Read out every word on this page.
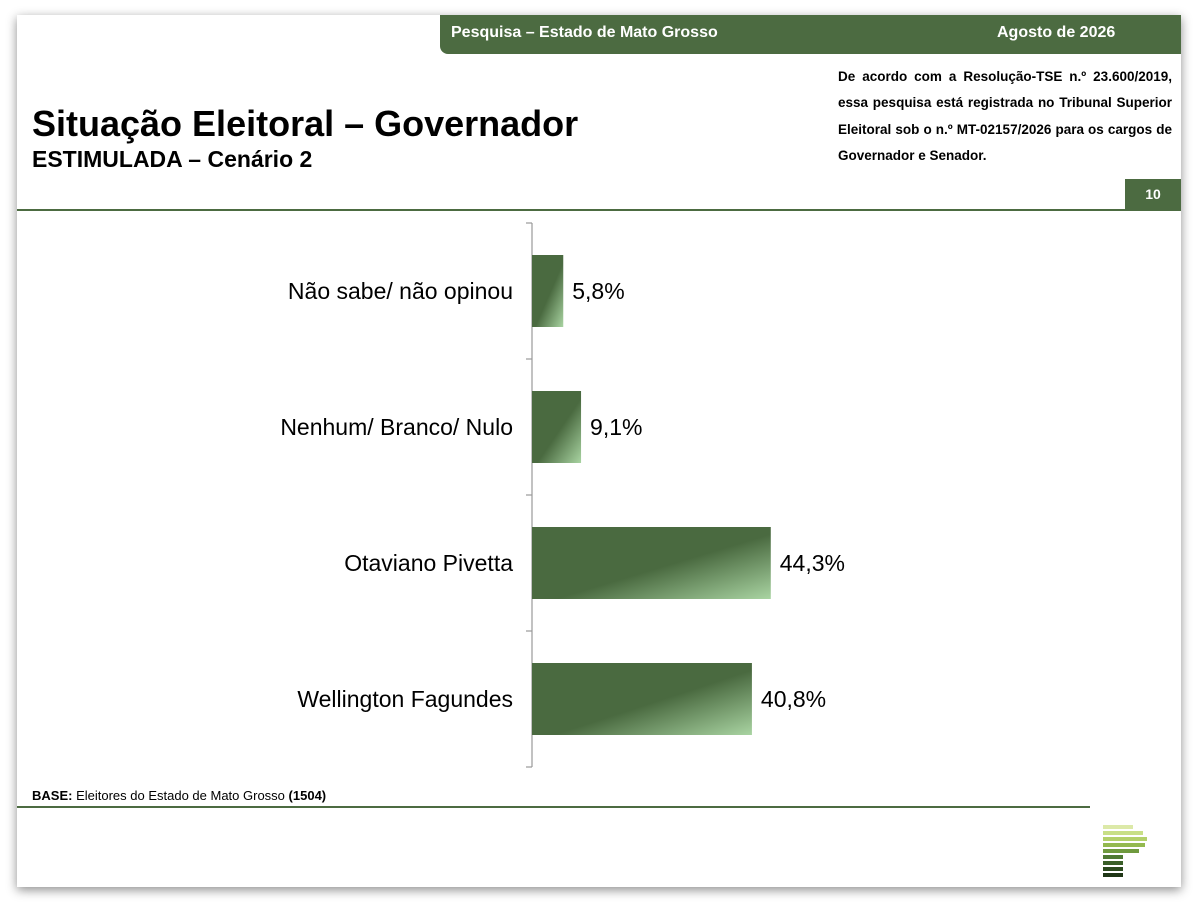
Pesquisa – Estado de Mato Grosso	Agosto de 2026
Situação Eleitoral – Governador
ESTIMULADA – Cenário 2
De acordo com a Resolução-TSE n.º 23.600/2019, essa pesquisa está registrada no Tribunal Superior Eleitoral sob o n.º MT-02157/2026 para os cargos de Governador e Senador.
10
Não sabe/ não opinou	5,8%
Nenhum/ Branco/ Nulo	9,1%
Otaviano Pivetta	44,3%
Wellington Fagundes	40,8%
BASE: Eleitores do Estado de Mato Grosso (1504)
